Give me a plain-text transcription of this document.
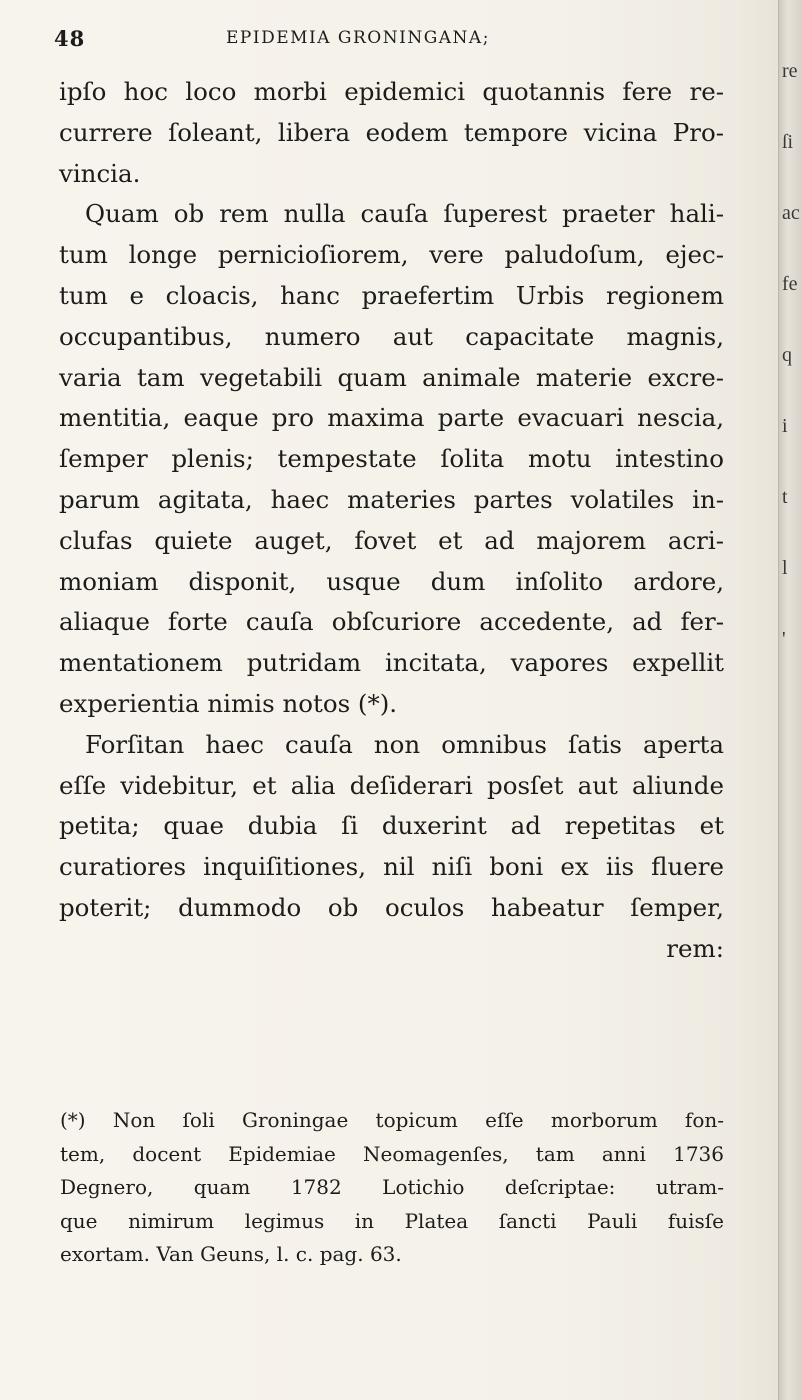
48	EPIDEMIA GRONINGANA;
ipſo hoc loco morbi epidemici quotannis fere re-
currere ſoleant, libera eodem tempore vicina Pro-
vincia.
Quam ob rem nulla cauſa ſuperest praeter hali-
tum longe pernicioſiorem, vere paludoſum, ejec-
tum e cloacis, hanc praefertim Urbis regionem
occupantibus, numero aut capacitate magnis,
varia tam vegetabili quam animale materie excre-
mentitia, eaque pro maxima parte evacuari nescia,
ſemper plenis; tempestate ſolita motu intestino
parum agitata, haec materies partes volatiles in-
clufas quiete auget, fovet et ad majorem acri-
moniam disponit, usque dum inſolito ardore,
aliaque forte cauſa obſcuriore accedente, ad fer-
mentationem putridam incitata, vapores expellit
experientia nimis notos (*).
Forſitan haec cauſa non omnibus ſatis aperta
eſſe videbitur, et alia deſiderari posſet aut aliunde
petita; quae dubia ſi duxerint ad repetitas et
curatiores inquiſitiones, nil niſi boni ex iis fluere
poterit; dummodo ob oculos habeatur ſemper,
rem:
(*) Non ſoli Groningae topicum eſſe morborum fon-
tem, docent Epidemiae Neomagenſes, tam anni 1736
Degnero, quam 1782 Lotichio deſcriptae: utram-
que nimirum legimus in Platea ſancti Pauli fuisſe
exortam. Van Geuns, l. c. pag. 63.
re
ſi
ac
fe
q
i
t
l
'
